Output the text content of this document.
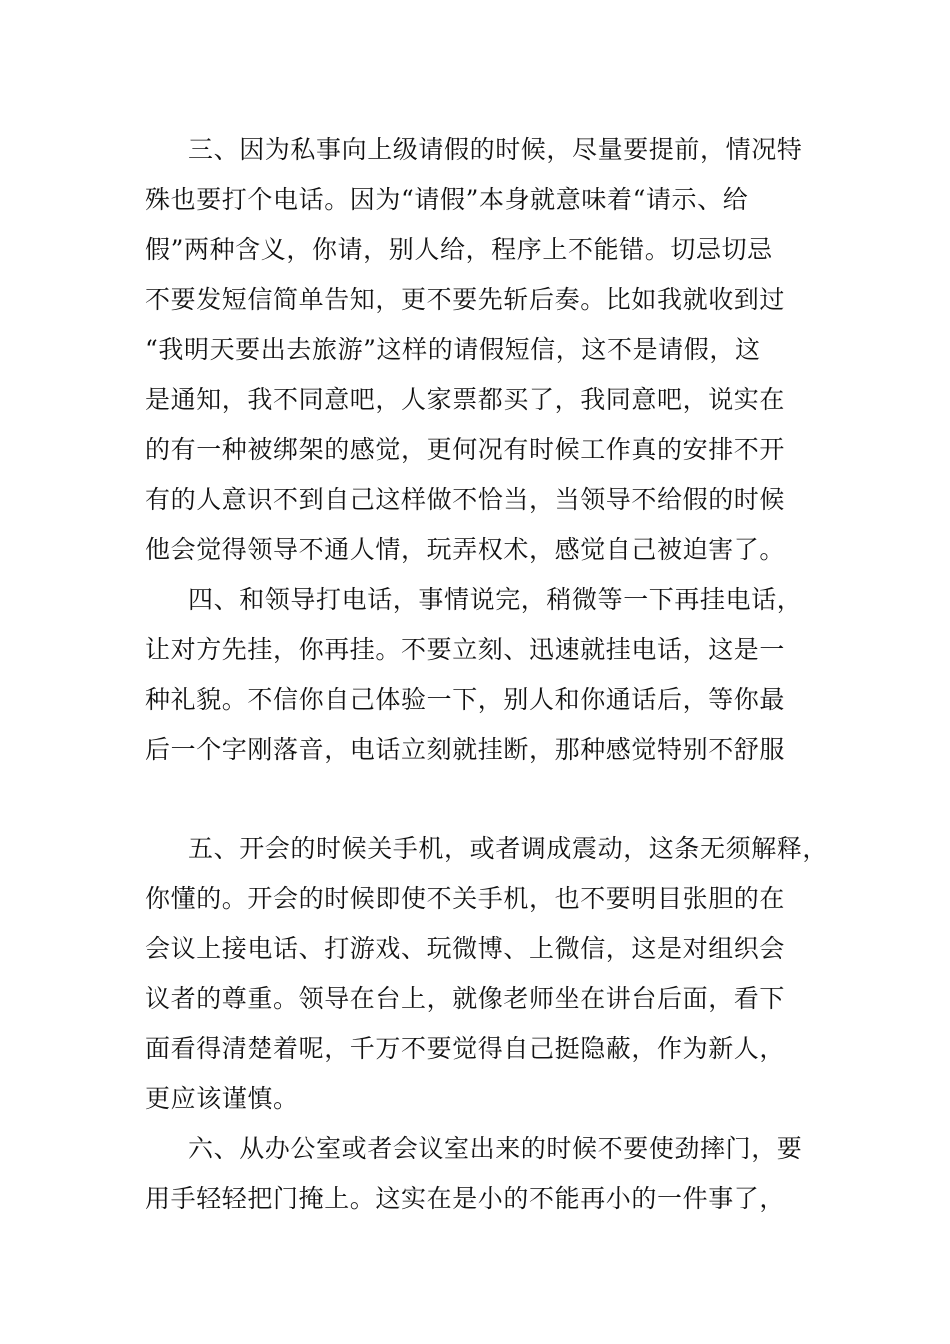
三、因为私事向上级请假的时候，尽量要提前，情况特
殊也要打个电话。因为“请假”本身就意味着“请示、给
假”两种含义，你请，别人给，程序上不能错。切忌切忌
不要发短信简单告知，更不要先斩后奏。比如我就收到过
“我明天要出去旅游”这样的请假短信，这不是请假，这
是通知，我不同意吧，人家票都买了，我同意吧，说实在
的有一种被绑架的感觉，更何况有时候工作真的安排不开
有的人意识不到自己这样做不恰当，当领导不给假的时候
他会觉得领导不通人情，玩弄权术，感觉自己被迫害了。
四、和领导打电话，事情说完，稍微等一下再挂电话，
让对方先挂，你再挂。不要立刻、迅速就挂电话，这是一
种礼貌。不信你自己体验一下，别人和你通话后，等你最
后一个字刚落音，电话立刻就挂断，那种感觉特别不舒服
五、开会的时候关手机，或者调成震动，这条无须解释，
你懂的。开会的时候即使不关手机，也不要明目张胆的在
会议上接电话、打游戏、玩微博、上微信，这是对组织会
议者的尊重。领导在台上，就像老师坐在讲台后面，看下
面看得清楚着呢，千万不要觉得自己挺隐蔽，作为新人，
更应该谨慎。
六、从办公室或者会议室出来的时候不要使劲摔门，要
用手轻轻把门掩上。这实在是小的不能再小的一件事了，
